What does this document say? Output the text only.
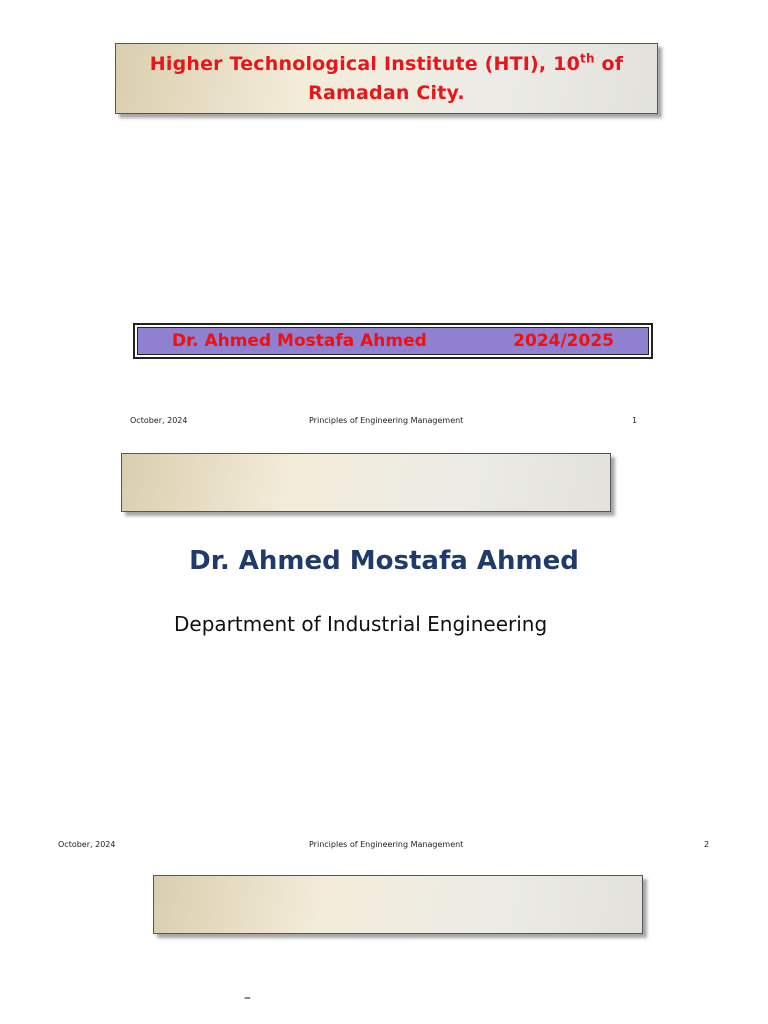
Higher Technological Institute (HTI), 10th of
Ramadan City.
Dr. Ahmed Mostafa Ahmed	2024/2025
October, 2024	Principles of Engineering Management	1
Dr. Ahmed Mostafa Ahmed
Department of Industrial Engineering
October, 2024	Principles of Engineering Management	2
–
